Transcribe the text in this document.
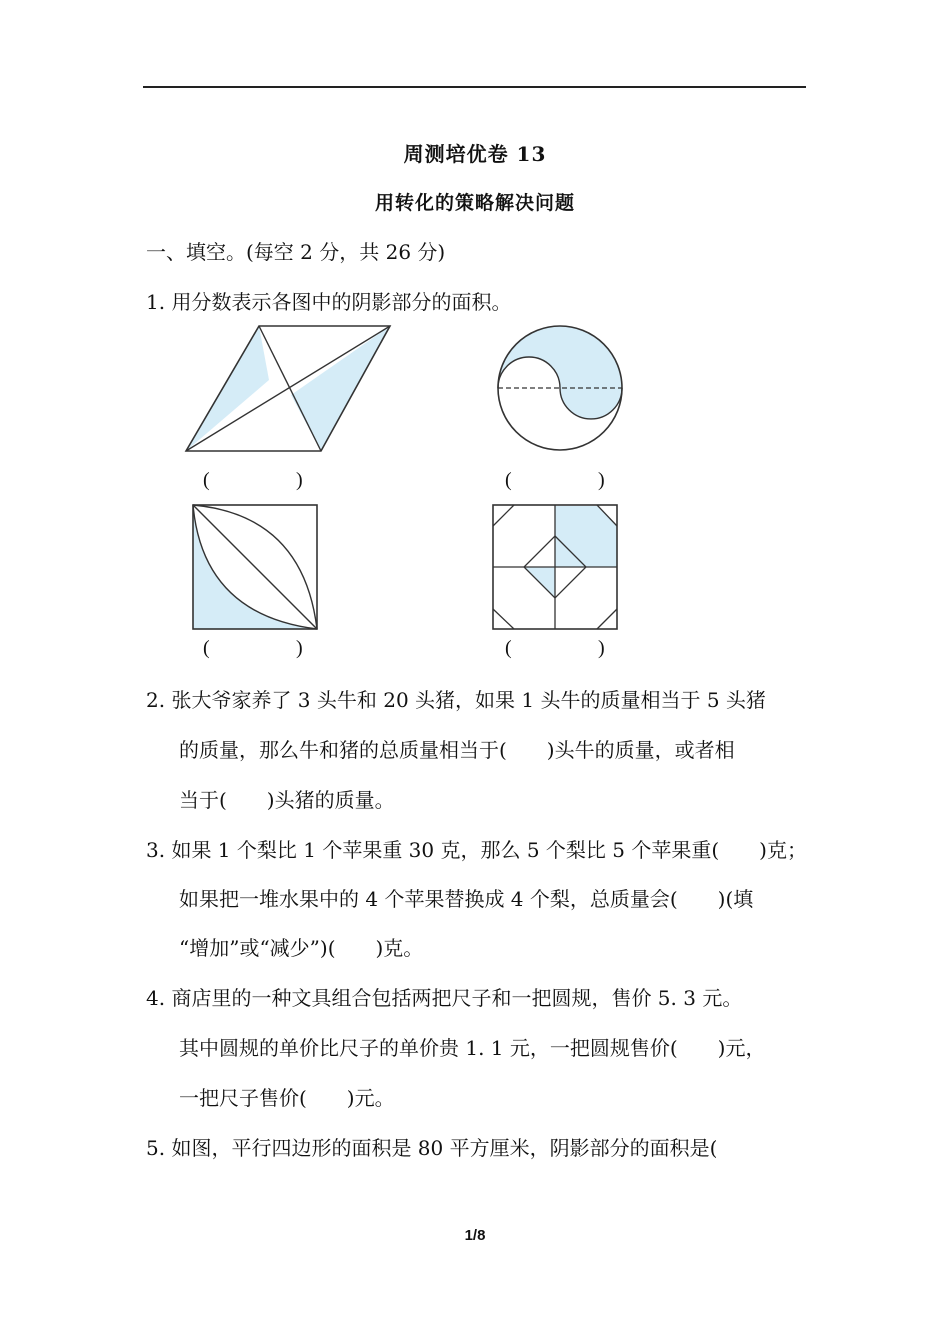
周测培优卷 13
用转化的策略解决问题
一、填空。(每空 2 分，共 26 分)
1. 用分数表示各图中的阴影部分的面积。
(	)	(	)
(	)	(	)
2. 张大爷家养了 3 头牛和 20 头猪，如果 1 头牛的质量相当于 5 头猪
的质量，那么牛和猪的总质量相当于(　　)头牛的质量，或者相
当于(　　)头猪的质量。
3. 如果 1 个梨比 1 个苹果重 30 克，那么 5 个梨比 5 个苹果重(　　)克；
如果把一堆水果中的 4 个苹果替换成 4 个梨，总质量会(　　)(填
“增加”或“减少”)(　　)克。
4. 商店里的一种文具组合包括两把尺子和一把圆规，售价 5. 3 元。
其中圆规的单价比尺子的单价贵 1. 1 元，一把圆规售价(　　)元，
一把尺子售价(　　)元。
5. 如图，平行四边形的面积是 80 平方厘米，阴影部分的面积是(
1/8
